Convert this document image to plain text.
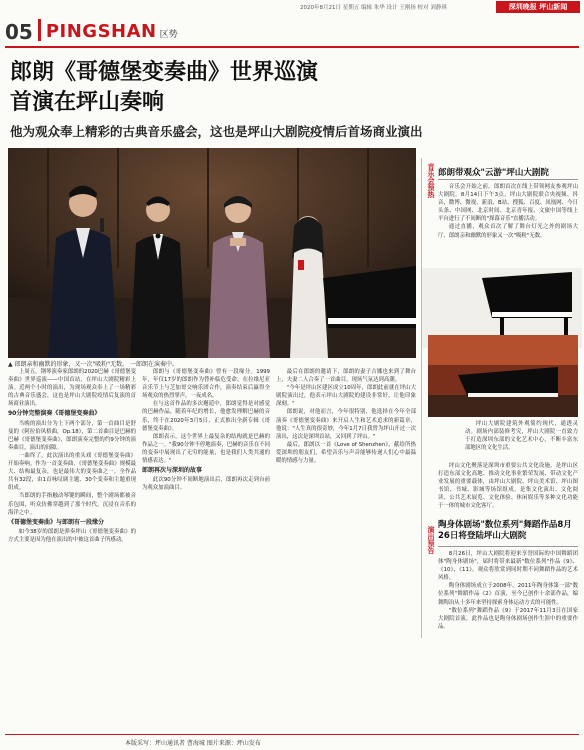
2020年8月21日 星期五 编辑 朱华 设计 王刚扬 校对 刘静琪	深圳晚报 坪山新闻
05 PINGSHAN 区势
郎朗《哥德堡变奏曲》世界巡演
首演在坪山奏响
他为观众奉上精彩的古典音乐盛会，这也是坪山大剧院疫情后首场商业演出
▲ 郎朗亲和幽默的形象，又一次"吸粉"无数。 一郎朗在演奏中。
音乐会预热 郎朗带观众"云游"坪山大剧院

音乐会开始之前，郎朗首次在线上带领网友参观坪山大剧院。8月14日下午3点，坪山大剧院联合央视频、抖音、微博、微视、新浪、B站、搜狐、百度、凤凰网、今日头条、中国网、北京时间、北京青年报、文旅中国等线上平台进行了不间断的"探幕音乐"直播活动。

通过直播，观众首次了解了舞台灯光之外的剧场大厅、郎朗亲和幽默的形象又一次"吸粉"无数。

坪山大剧院建筑外观简约现代，通透灵动。剧场内部装修考究，坪山大剧院一直致力于打造深圳东部的文化艺术中心，不断丰富东部地区的文化生活。

坪山文化聚落是深圳市重要公共文化设施，是坪山区打造东部文化高地、推动文化事业繁荣发展、带动文化产业发展的重要载体，由坪山大剧院、坪山美术馆、坪山图书馆、书城、影城等场馆组成，是集文化演出、文化阅读、公共艺术展览、文化体验、休闲娱乐等多种文化功能于一体的城市文化客厅。

演出预告
陶身体剧场"数位系列"舞蹈作品8月26日将登陆坪山大剧院

8月26日，坪山大剧院将迎来享誉国际的中国舞蹈团体"陶身体剧场"，届时将带来最新"数位系列"作品《9》、《10》、《11》。观众将欣赏到同时期不同舞蹈作品的艺术风格。

陶身体剧场成立于2008年，2011年陶身体第一部"数位系列"舞蹈作品《2》首演，至今已创作十余部作品，编舞陶冶从十多年来坚持探索身体运动方式的可能性。

"数位系列"舞蹈作品《9》于2017年11月3日在国家大剧院首演，此作品也是陶身体剧场创作生涯中的重要作品。

上周五，钢琴演奏家郎朗的2020巴赫《哥德堡变奏曲》世界巡演——中国首站，在坪山大剧院精彩上演。近两个小时的演出，为现场观众奉上了一场精彩的古典音乐盛会，这也是坪山大剧院疫情后复演的首场商业演出。

90分钟完整演奏《哥德堡变奏曲》

当晚的演出分为上下两个部分，第一首曲目是舒曼的《阿拉伯风格曲，Op.18》，第二首曲目是巴赫的巴赫《哥德堡变奏曲》，郎朗演奏完整的约9分钟的演奏曲目，演出的间隙。

一曲终了，此次演出的重头戏《哥德堡变奏曲》开始奏响。作为一首变奏曲，《哥德堡变奏曲》规模最大、结构最复杂，也是最伟大的变奏曲之一。全作品共有32段，由1首咏叹调主题、30个变奏和主题重现组成。

当郎朗的手指触动琴键的瞬间，整个剧场都被音乐包围，听众仿佛穿越到了那个时代，沉浸在音乐的海洋之中。

《哥德堡变奏曲》与郎朗有一段缘分

如今38岁的郎朗是弹奏坪山《哥德堡变奏曲》的方式主要是因为他在演出的中被这首曲子所感动。

郎朗与《哥德堡变奏曲》曾有一段缘分。1999年，年仅17岁的郎朗作为替补临危受命，在拉维尼亚音乐节上与芝加哥交响乐团合作，演奏结束后赢得全场观众的热烈掌声，一夜成名。

在与这首作品的多次邂逅中，郎朗觉得是对感觉的巴赫作品，随着年纪的增长，他愈发理解巴赫的音乐，终于在2020年3月5日，正式推出全新专辑《哥德堡变奏曲》。

郎朗表示，这个世界上最复杂的结构就是巴赫的作品之一。"我90分钟不停地演奏，巴赫的音乐在不同的变奏中展现出了无穷的能量，也是我们人类共通的情感表达。"

郎朗再次与深圳的故事

此次90分钟不间断地演出后，郎朗再次走到台前为观众加演曲目。

最后在郎朗的邀请下，郎朗的妻子吉娜也来到了舞台上，夫妻二人合奏了一首曲目，现场气氛达到高潮。

"今年是坪山区建区成立10周年，郎朗此前就在坪山大剧院演出过，他表示坪山大剧院的建设非常好，让他印象深刻。"

郎朗说，对他而言，今年很特别，他选择在今年全部演奏《哥德堡变奏曲》来开启人生和艺术追求的新篇章，他说："人生真的很奇妙，今年1月7日我曾为坪山开过一次演出，这次是深圳首站，又回到了坪山。"

最后，郎朗以一首《Love of Shenzhen》，献给所热爱深圳的朋友们，希望音乐与声音能够传递人们心中最温暖的情感与力量。

本版采写：坪山通讯者 曹海城 图片来源：坪山发布
